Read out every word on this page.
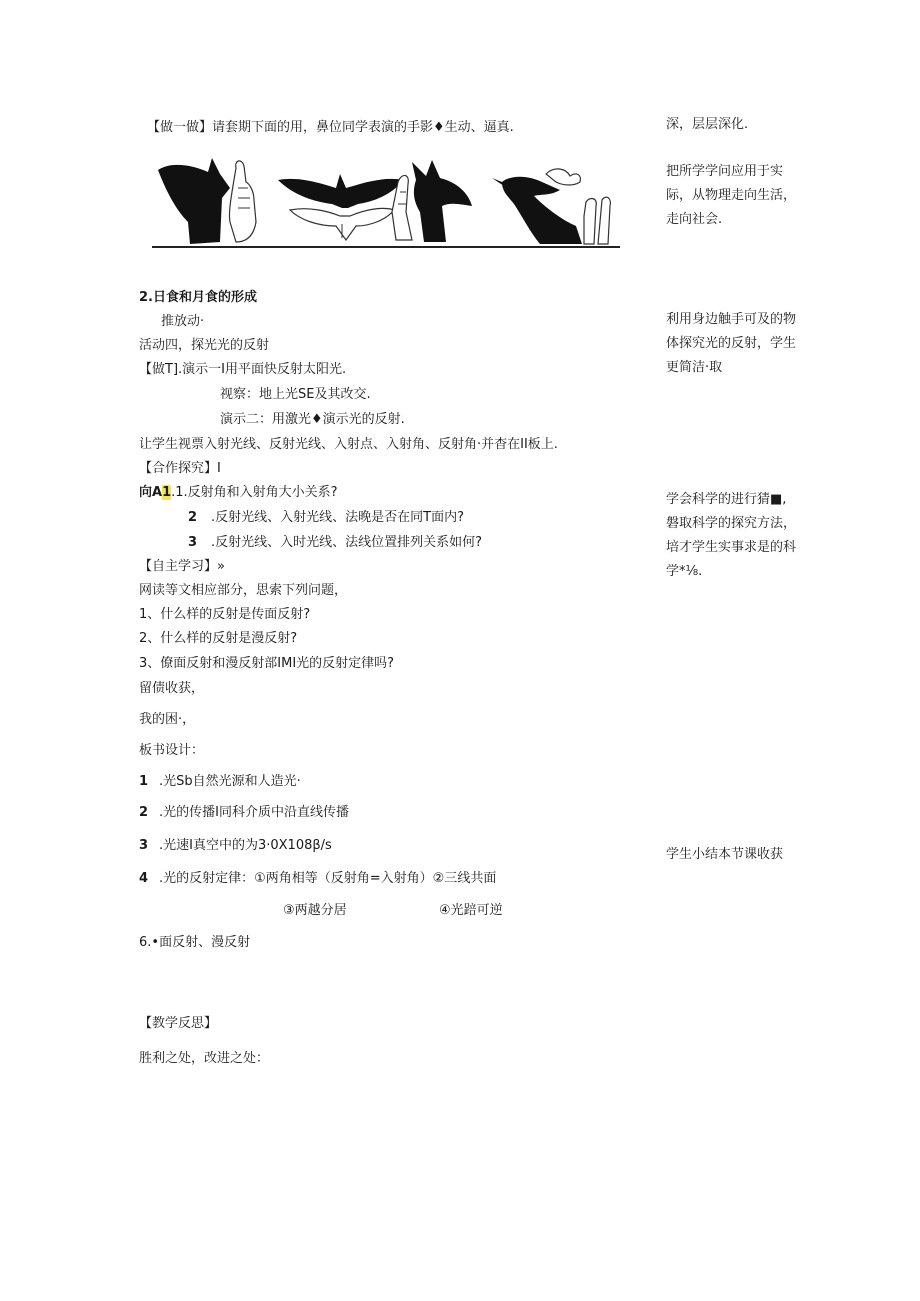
【做一做】请套期下面的用，鼻位同学表演的手影♦生动、逼真.
2.日食和月食的形成
推放动·
活动四，探光光的反射
【做T].演示一I用平面快反射太阳光.
视察：地上光SE及其改交.
演示二：用激光♦演示光的反射.
让学生视票入射光线、反射光线、入射点、入射角、反射角·并杳在II板上.
【合作探究】I
向A1.1.反射角和入射角大小关系?
2 .反射光线、入射光线、法晚是否在同T面内?
3 .反射光线、入时光线、法线位置排列关系如何?
【自主学习】»
网读等文相应部分，思索下列问题，
1、什么样的反射是传面反射?
2、什么样的反射是漫反射?
3、僚面反射和漫反射部IMI光的反射定律吗?
留债收获，
我的困·，
板书设计：
1 .光Sb自然光源和人造光·
2 .光的传播I同科介质中沿直线传播
3 .光速I真空中的为3·0X108β/s
4 .光的反射定律：①两角相等（反射角=入射角）②三线共面
③两越分居	④光踣可逆
6.•面反射、漫反射
【教学反思】
胜利之处，改进之处：
深，层层深化.
把所学学问应用于实际，从物理走向生活，走向社会.
利用身边触手可及的物体探究光的反射，学生更简洁·取
学会科学的进行猜■,磐取科学的探究方法，培才学生实事求是的科学*⅛.
学生小结本节课收获
